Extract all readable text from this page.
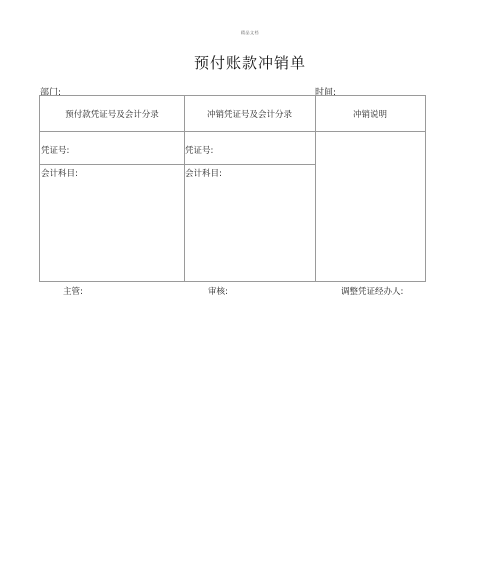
精品文档
预付账款冲销单
部门:	时间:
预付款凭证号及会计分录	冲销凭证号及会计分录	冲销说明
凭证号:	凭证号:
会计科目:	会计科目:
主管:	审核:	调整凭证经办人:
